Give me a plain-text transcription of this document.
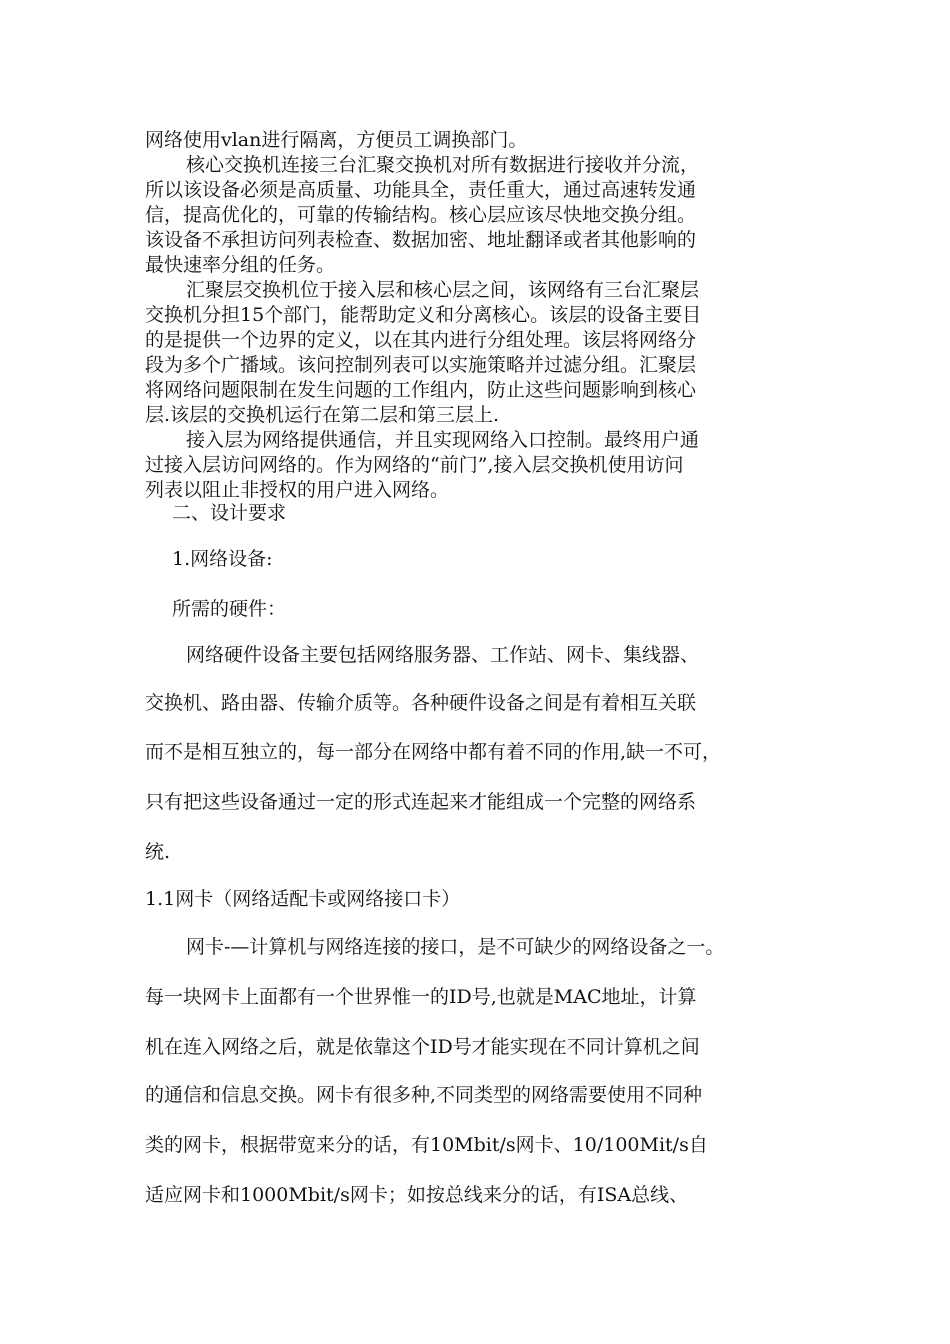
网络使用vlan进行隔离，方便员工调换部门。
核心交换机连接三台汇聚交换机对所有数据进行接收并分流，
所以该设备必须是高质量、功能具全，责任重大，通过高速转发通
信，提高优化的，可靠的传输结构。核心层应该尽快地交换分组。
该设备不承担访问列表检查、数据加密、地址翻译或者其他影响的
最快速率分组的任务。
汇聚层交换机位于接入层和核心层之间，该网络有三台汇聚层
交换机分担15个部门，能帮助定义和分离核心。该层的设备主要目
的是提供一个边界的定义，以在其内进行分组处理。该层将网络分
段为多个广播域。该问控制列表可以实施策略并过滤分组。汇聚层
将网络问题限制在发生问题的工作组内，防止这些问题影响到核心
层.该层的交换机运行在第二层和第三层上.
接入层为网络提供通信，并且实现网络入口控制。最终用户通
过接入层访问网络的。作为网络的“前门”,接入层交换机使用访问
列表以阻止非授权的用户进入网络。
二、设计要求
1.网络设备:
所需的硬件：
网络硬件设备主要包括网络服务器、工作站、网卡、集线器、
交换机、路由器、传输介质等。各种硬件设备之间是有着相互关联
而不是相互独立的，每一部分在网络中都有着不同的作用,缺一不可，
只有把这些设备通过一定的形式连起来才能组成一个完整的网络系
统.
1.1网卡（网络适配卡或网络接口卡）
网卡-—计算机与网络连接的接口，是不可缺少的网络设备之一。
每一块网卡上面都有一个世界惟一的ID号,也就是MAC地址，计算
机在连入网络之后，就是依靠这个ID号才能实现在不同计算机之间
的通信和信息交换。网卡有很多种,不同类型的网络需要使用不同种
类的网卡，根据带宽来分的话，有10Mbit/s网卡、10/100Mit/s自
适应网卡和1000Mbit/s网卡；如按总线来分的话，有ISA总线、
